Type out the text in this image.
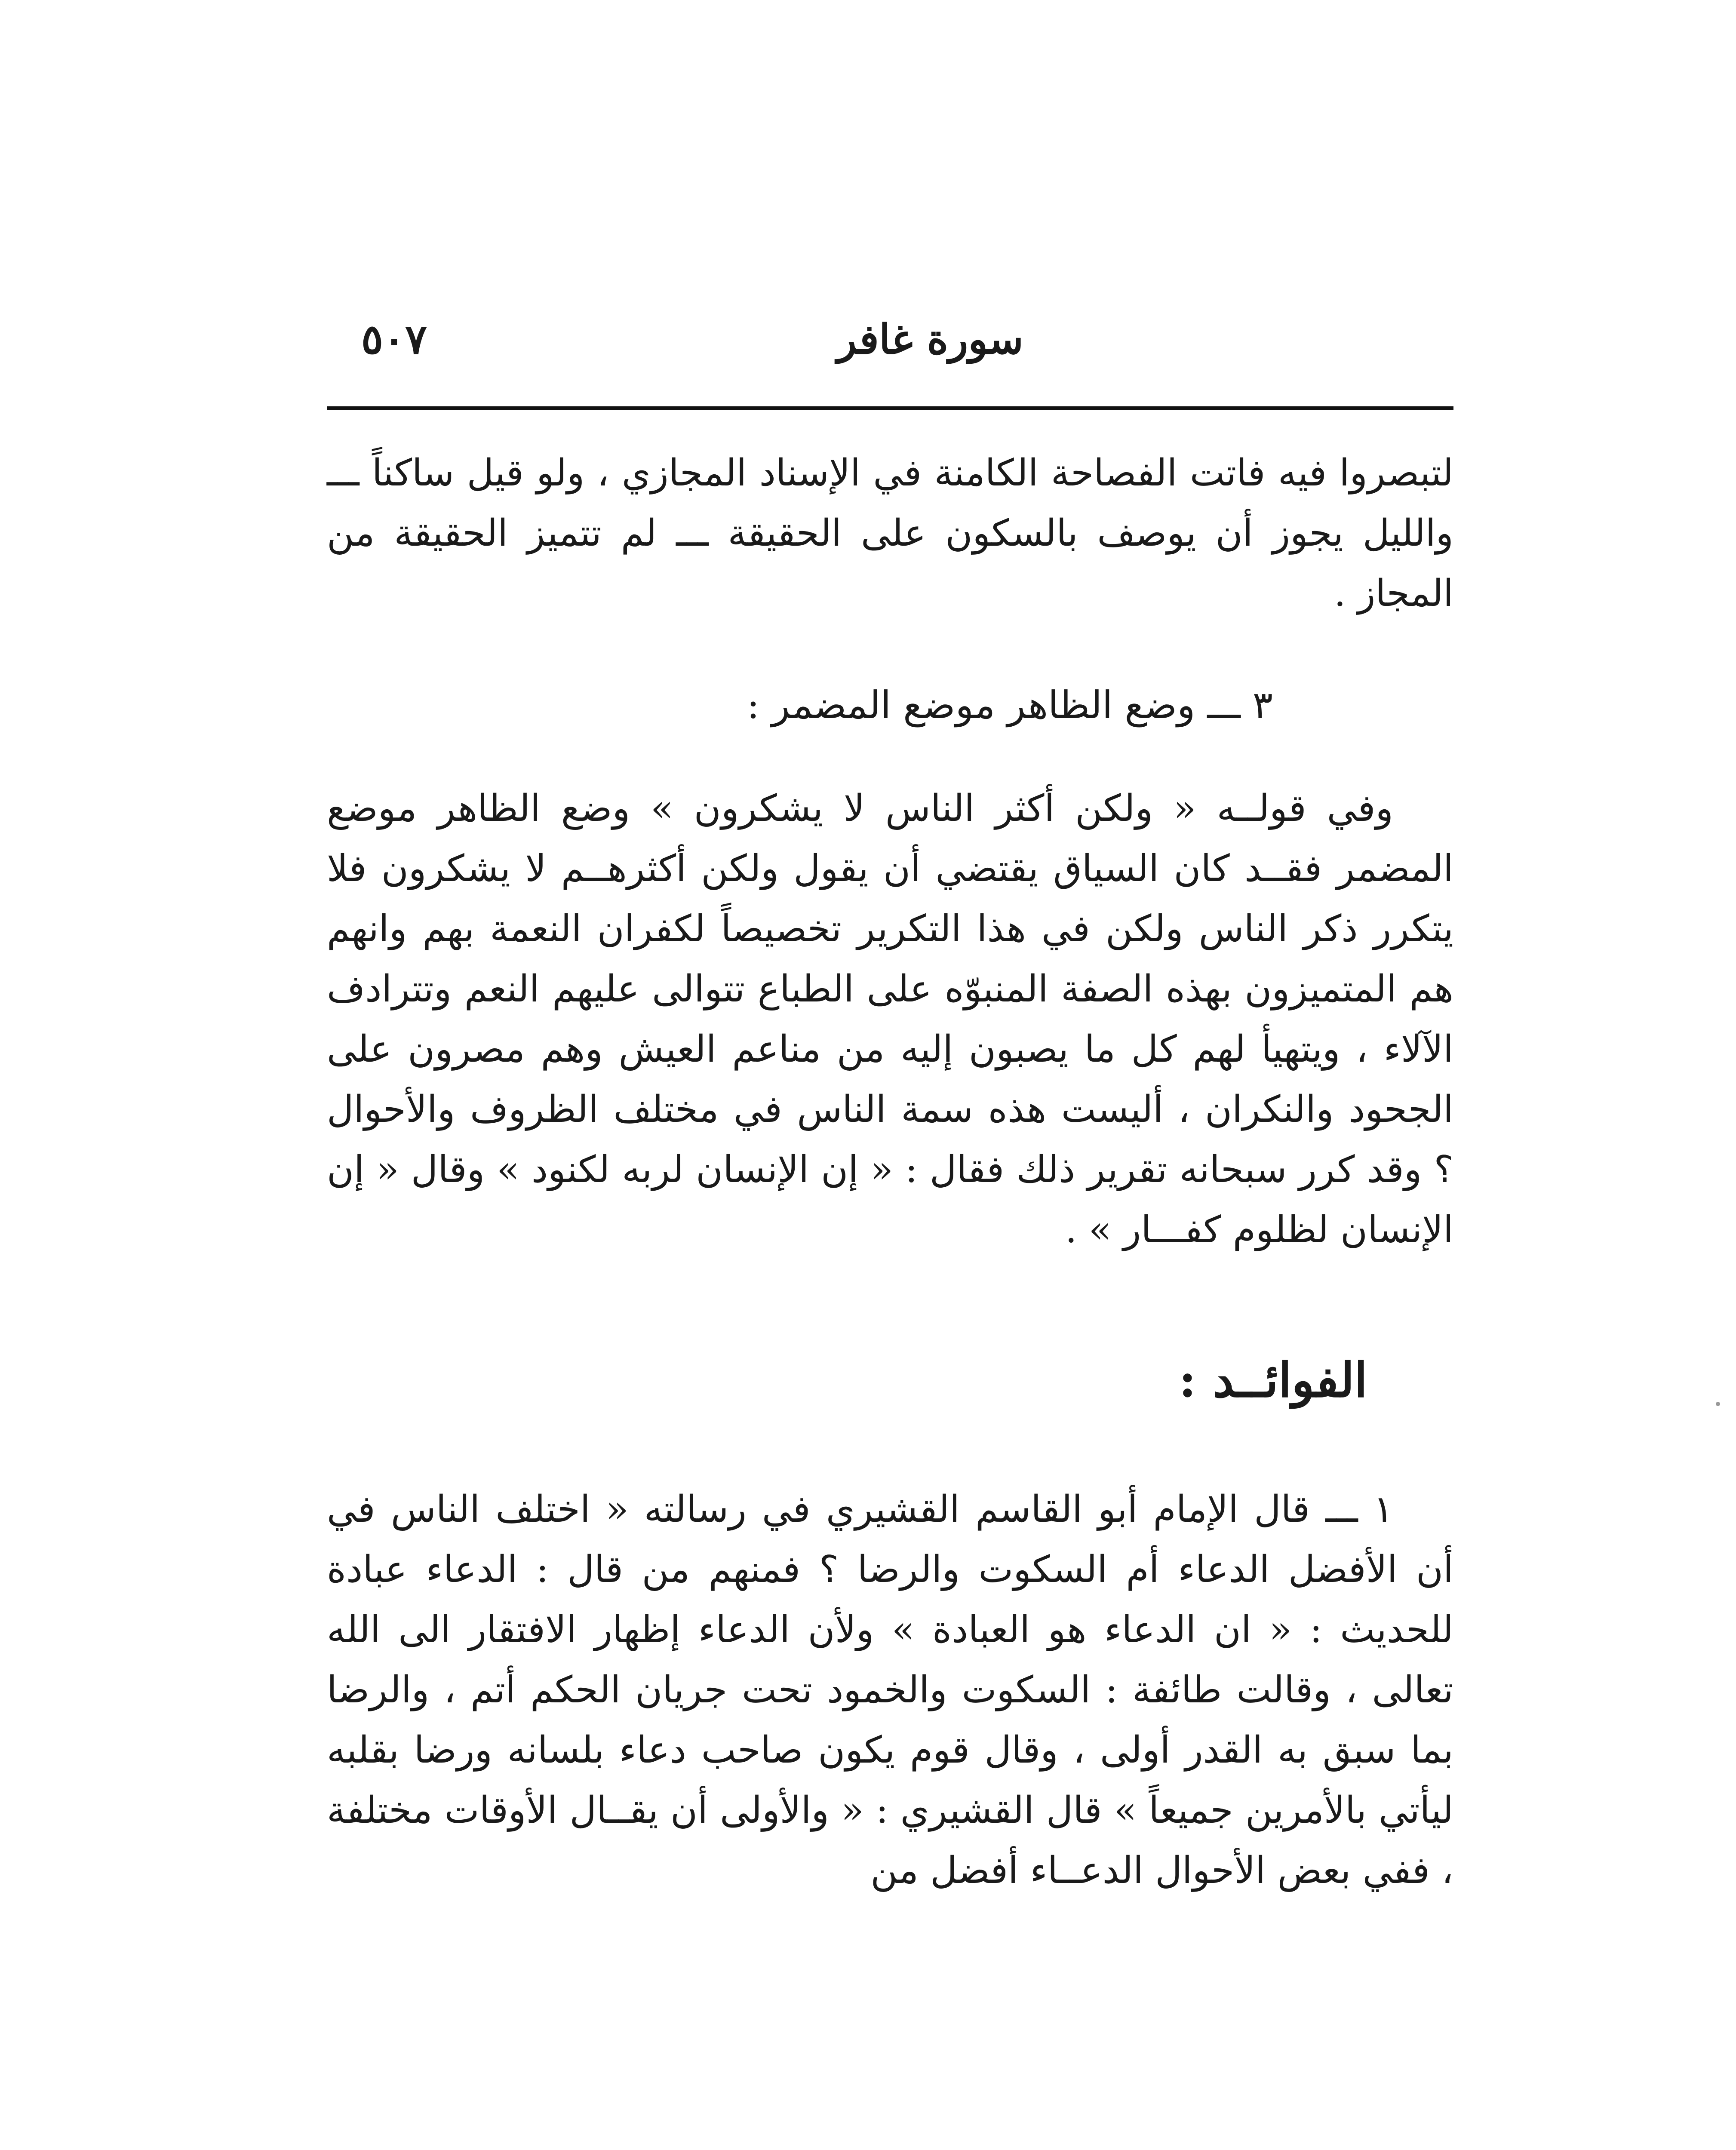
سورة غافر
٥٠٧

لتبصروا فيه فاتت الفصاحة الكامنة في الإسناد المجازي ، ولو قيل ساكناً ـــ والليل يجوز أن يوصف بالسكون على الحقيقة ـــ لم تتميز الحقيقة من المجاز .

٣ ـــ وضع الظاهر موضع المضمر :

وفي قولــه « ولكن أكثر الناس لا يشكرون » وضع الظاهر موضع المضمر فقــد كان السياق يقتضي أن يقول ولكن أكثرهــم لا يشكرون فلا يتكرر ذكر الناس ولكن في هذا التكرير تخصيصاً لكفران النعمة بهم وانهم هم المتميزون بهذه الصفة المنبوّه على الطباع تتوالى عليهم النعم وتترادف الآلاء ، ويتهيأ لهم كل ما يصبون إليه من مناعم العيش وهم مصرون على الجحود والنكران ، أليست هذه سمة الناس في مختلف الظروف والأحوال ؟ وقد كرر سبحانه تقرير ذلك فقال : « إن الإنسان لربه لكنود » وقال « إن الإنسان لظلوم كفـــار » .

الفوائــد :

١ ـــ قال الإمام أبو القاسم القشيري في رسالته « اختلف الناس في أن الأفضل الدعاء أم السكوت والرضا ؟ فمنهم من قال : الدعاء عبادة للحديث : « ان الدعاء هو العبادة » ولأن الدعاء إظهار الافتقار الى الله تعالى ، وقالت طائفة : السكوت والخمود تحت جريان الحكم أتم ، والرضا بما سبق به القدر أولى ، وقال قوم يكون صاحب دعاء بلسانه ورضا بقلبه ليأتي بالأمرين جميعاً » قال القشيري : « والأولى أن يقــال الأوقات مختلفة ، ففي بعض الأحوال الدعــاء أفضل من
